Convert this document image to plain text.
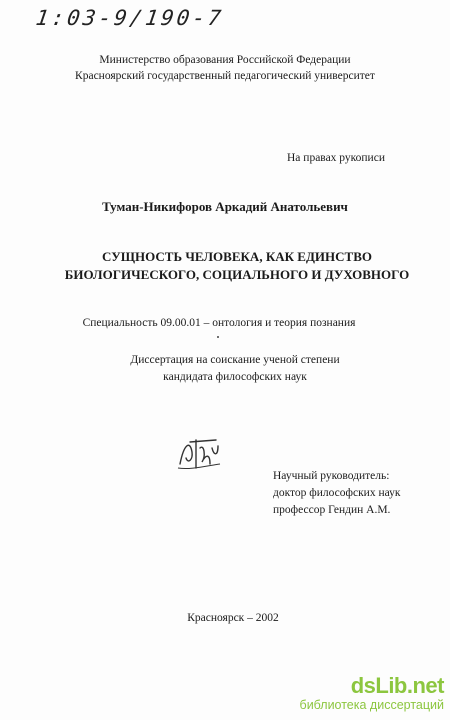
1:03-9/190-7
Министерство образования Российской Федерации
Красноярский государственный педагогический университет
На правах рукописи
Туман-Никифоров Аркадий Анатольевич
СУЩНОСТЬ ЧЕЛОВЕКА, КАК ЕДИНСТВО
БИОЛОГИЧЕСКОГО, СОЦИАЛЬНОГО И ДУХОВНОГО
Специальность 09.00.01 – онтология и теория познания
Диссертация на соискание ученой степени
кандидата философских наук
Научный руководитель:
доктор философских наук
профессор Гендин А.М.
Красноярск – 2002
dsLib.net
библиотека диссертаций
